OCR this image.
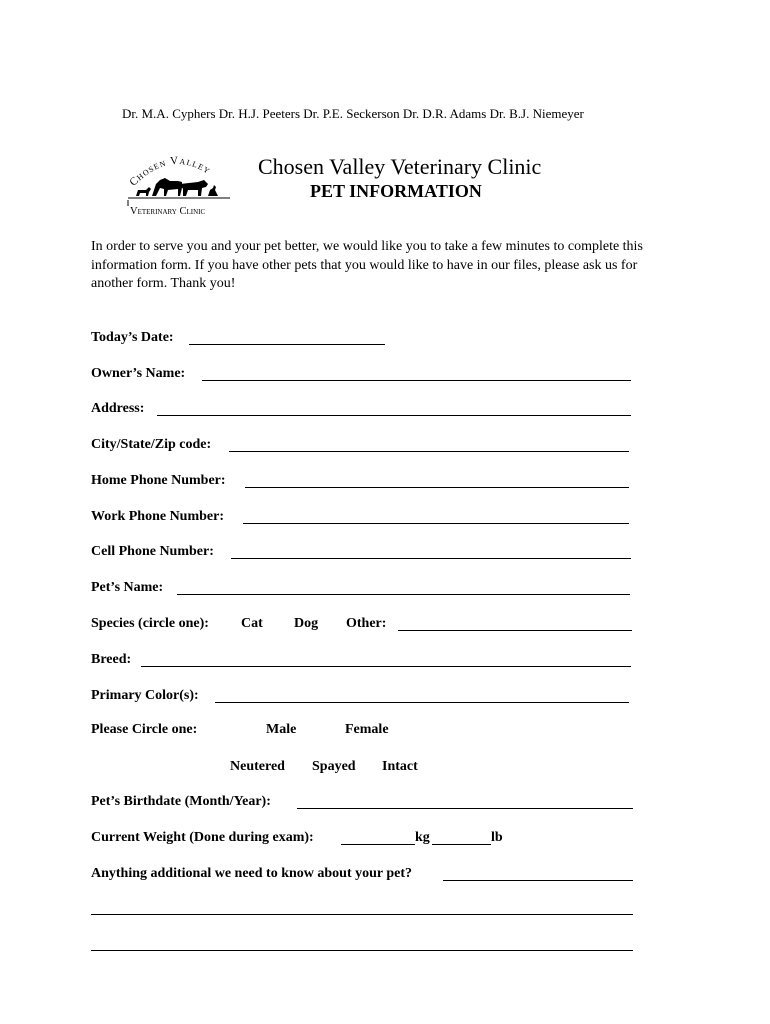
Dr. M.A. Cyphers Dr. H.J. Peeters Dr. P.E. Seckerson Dr. D.R. Adams Dr. B.J. Niemeyer
Chosen Valley
Veterinary Clinic
Chosen Valley Veterinary Clinic
PET INFORMATION
In order to serve you and your pet better, we would like you to take a few minutes to complete this information form. If you have other pets that you would like to have in our files, please ask us for another form. Thank you!
Today’s Date:
Owner’s Name:
Address:
City/State/Zip code:
Home Phone Number:
Work Phone Number:
Cell Phone Number:
Pet’s Name:
Species (circle one): Cat Dog Other:
Breed:
Primary Color(s):
Please Circle one:	Male	Female
Neutered Spayed Intact
Pet’s Birthdate (Month/Year):
Current Weight (Done during exam):	kg	lb
Anything additional we need to know about your pet?
